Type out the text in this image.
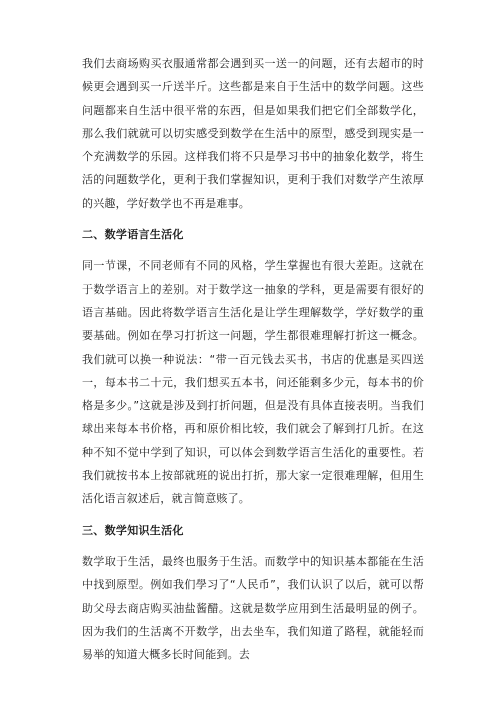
我们去商场购买衣服通常都会遇到买一送一的问题，还有去超市的时候更会遇到买一斤送半斤。这些都是来自于生活中的数学问题。这些问题都来自生活中很平常的东西，但是如果我们把它们全部数学化，那么我们就就可以切实感受到数学在生活中的原型，感受到现实是一个充满数学的乐园。这样我们将不只是學习书中的抽象化数学，将生活的问题数学化，更利于我们掌握知识，更利于我们对数学产生浓厚的兴趣，学好数学也不再是难事。

二、数学语言生活化

同一节课，不同老师有不同的风格，学生掌握也有很大差距。这就在于数学语言上的差别。对于数学这一抽象的学科，更是需要有很好的语言基础。因此将数学语言生活化是让学生理解数学，学好数学的重要基础。例如在學习打折这一问题，学生都很难理解打折这一概念。我们就可以换一种说法：“带一百元钱去买书，书店的优惠是买四送一，每本书二十元，我们想买五本书，问还能剩多少元，每本书的价格是多少。”这就是涉及到打折问题，但是没有具体直接表明。当我们球出来每本书价格，再和原价相比较，我们就会了解到打几折。在这种不知不觉中学到了知识，可以体会到数学语言生活化的重要性。若我们就按书本上按部就班的说出打折，那大家一定很难理解，但用生活化语言叙述后，就言简意赅了。

三、数学知识生活化

数学取于生活，最终也服务于生活。而数学中的知识基本都能在生活中找到原型。例如我们學习了“人民币”，我们认识了以后，就可以帮助父母去商店购买油盐酱醋。这就是数学应用到生活最明显的例子。因为我们的生活离不开数学，出去坐车，我们知道了路程，就能轻而易举的知道大概多长时间能到。去
